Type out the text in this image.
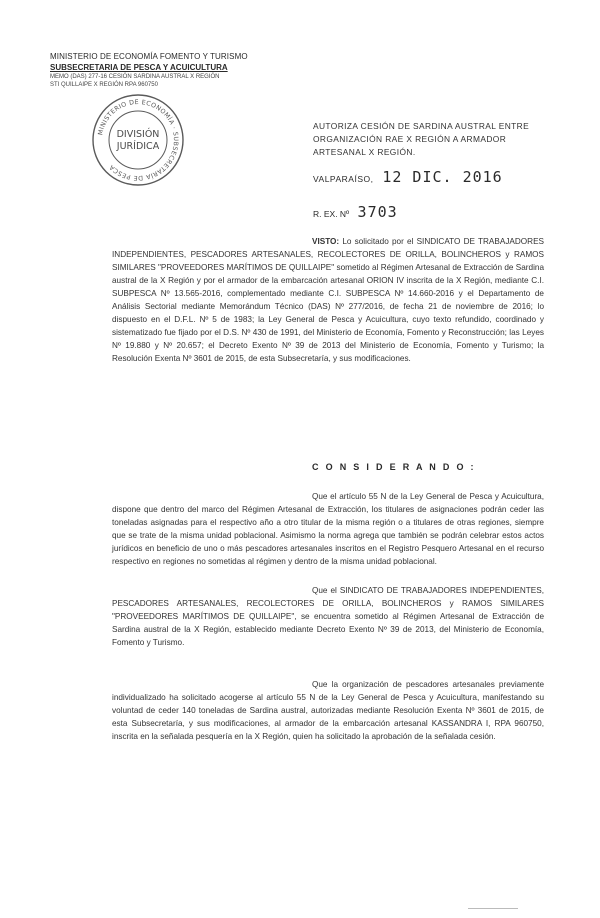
MINISTERIO DE ECONOMÍA FOMENTO Y TURISMO
SUBSECRETARIA DE PESCA Y ACUICULTURA
MEMO (DAS) 277-16 CESIÓN SARDINA AUSTRAL X REGIÓN
STI QUILLAIPE X REGIÓN RPA 960750
MINISTERIO DE ECONOMÍA · SUBSECRETARÍA DE PESCA
DIVISIÓN
JURÍDICA
AUTORIZA CESIÓN DE SARDINA AUSTRAL ENTRE ORGANIZACIÓN RAE X REGIÓN A ARMADOR ARTESANAL X REGIÓN.
VALPARAÍSO, 12 DIC. 2016
R. EX. Nº 3703
VISTO: Lo solicitado por el SINDICATO DE TRABAJADORES INDEPENDIENTES, PESCADORES ARTESANALES, RECOLECTORES DE ORILLA, BOLINCHEROS y RAMOS SIMILARES "PROVEEDORES MARÍTIMOS DE QUILLAIPE" sometido al Régimen Artesanal de Extracción de Sardina austral de la X Región y por el armador de la embarcación artesanal ORION IV inscrita de la X Región, mediante C.I. SUBPESCA Nº 13.565-2016, complementado mediante C.I. SUBPESCA Nº 14.660-2016 y el Departamento de Análisis Sectorial mediante Memorándum Técnico (DAS) Nº 277/2016, de fecha 21 de noviembre de 2016; lo dispuesto en el D.F.L. Nº 5 de 1983; la Ley General de Pesca y Acuicultura, cuyo texto refundido, coordinado y sistematizado fue fijado por el D.S. Nº 430 de 1991, del Ministerio de Economía, Fomento y Reconstrucción; las Leyes Nº 19.880 y Nº 20.657; el Decreto Exento Nº 39 de 2013 del Ministerio de Economía, Fomento y Turismo; la Resolución Exenta Nº 3601 de 2015, de esta Subsecretaría, y sus modificaciones.
C O N S I D E R A N D O :
Que el artículo 55 N de la Ley General de Pesca y Acuicultura, dispone que dentro del marco del Régimen Artesanal de Extracción, los titulares de asignaciones podrán ceder las toneladas asignadas para el respectivo año a otro titular de la misma región o a titulares de otras regiones, siempre que se trate de la misma unidad poblacional. Asimismo la norma agrega que también se podrán celebrar estos actos jurídicos en beneficio de uno o más pescadores artesanales inscritos en el Registro Pesquero Artesanal en el recurso respectivo en regiones no sometidas al régimen y dentro de la misma unidad poblacional.
Que el SINDICATO DE TRABAJADORES INDEPENDIENTES, PESCADORES ARTESANALES, RECOLECTORES DE ORILLA, BOLINCHEROS y RAMOS SIMILARES "PROVEEDORES MARÍTIMOS DE QUILLAIPE", se encuentra sometido al Régimen Artesanal de Extracción de Sardina austral de la X Región, establecido mediante Decreto Exento Nº 39 de 2013, del Ministerio de Economía, Fomento y Turismo.
Que la organización de pescadores artesanales previamente individualizado ha solicitado acogerse al artículo 55 N de la Ley General de Pesca y Acuicultura, manifestando su voluntad de ceder 140 toneladas de Sardina austral, autorizadas mediante Resolución Exenta Nº 3601 de 2015, de esta Subsecretaría, y sus modificaciones, al armador de la embarcación artesanal KASSANDRA I, RPA 960750, inscrita en la señalada pesquería en la X Región, quien ha solicitado la aprobación de la señalada cesión.
